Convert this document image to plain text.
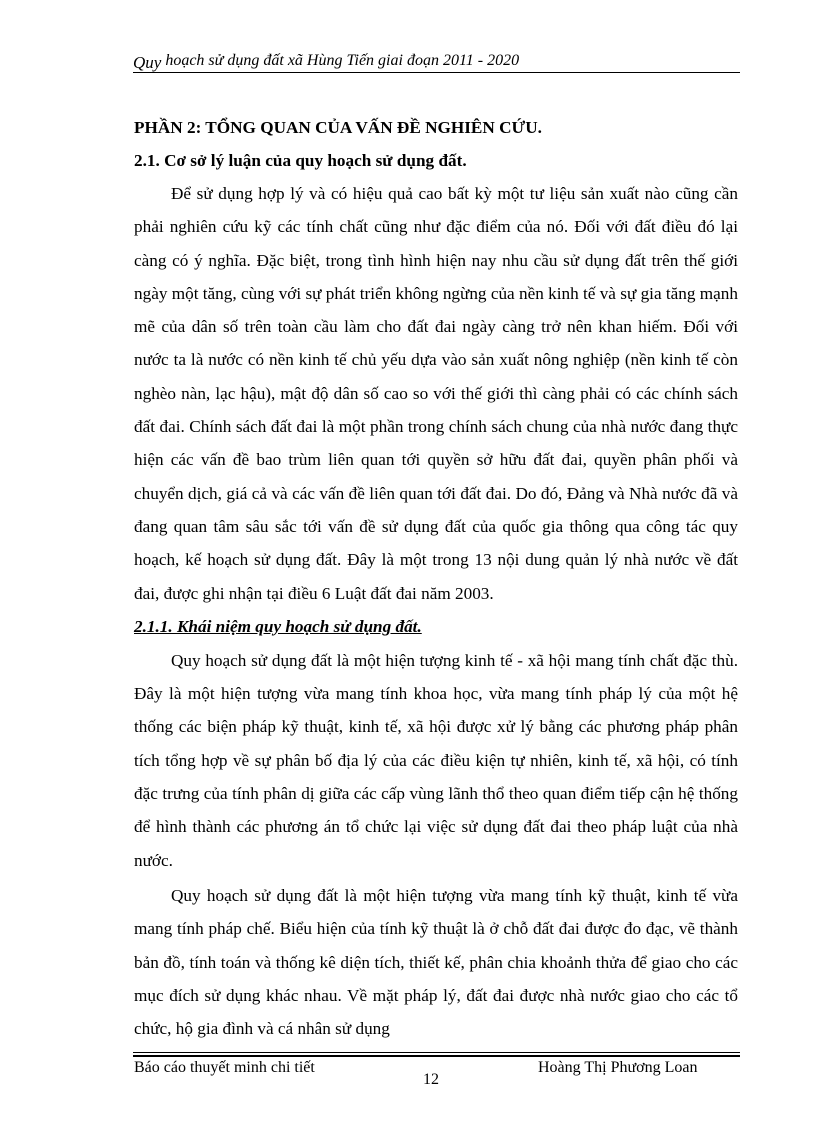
Quy hoạch sử dụng đất xã Hùng Tiến giai đoạn 2011 - 2020
PHẦN 2: TỔNG QUAN CỦA VẤN ĐỀ NGHIÊN CỨU.
2.1. Cơ sở lý luận của quy hoạch sử dụng đất.

Để sử dụng hợp lý và có hiệu quả cao bất kỳ một tư liệu sản xuất nào cũng cần phải nghiên cứu kỹ các tính chất cũng như đặc điểm của nó. Đối với đất điều đó lại càng có ý nghĩa. Đặc biệt, trong tình hình hiện nay nhu cầu sử dụng đất trên thế giới ngày một tăng, cùng với sự phát triển không ngừng của nền kinh tế và sự gia tăng mạnh mẽ của dân số trên toàn cầu làm cho đất đai ngày càng trở nên khan hiếm. Đối với nước ta là nước có nền kinh tế chủ yếu dựa vào sản xuất nông nghiệp (nền kinh tế còn nghèo nàn, lạc hậu), mật độ dân số cao so với thế giới thì càng phải có các chính sách đất đai. Chính sách đất đai là một phần trong chính sách chung của nhà nước đang thực hiện các vấn đề bao trùm liên quan tới quyền sở hữu đất đai, quyền phân phối và chuyển dịch, giá cả và các vấn đề liên quan tới đất đai. Do đó, Đảng và Nhà nước đã và đang quan tâm sâu sắc tới vấn đề sử dụng đất của quốc gia thông qua công tác quy hoạch, kế hoạch sử dụng đất. Đây là một trong 13 nội dung quản lý nhà nước về đất đai, được ghi nhận tại điều 6 Luật đất đai năm 2003.

2.1.1. Khái niệm quy hoạch sử dụng đất.

Quy hoạch sử dụng đất là một hiện tượng kinh tế - xã hội mang tính chất đặc thù. Đây là một hiện tượng vừa mang tính khoa học, vừa mang tính pháp lý của một hệ thống các biện pháp kỹ thuật, kinh tế, xã hội được xử lý bằng các phương pháp phân tích tổng hợp về sự phân bố địa lý của các điều kiện tự nhiên, kinh tế, xã hội, có tính đặc trưng của tính phân dị giữa các cấp vùng lãnh thổ theo quan điểm tiếp cận hệ thống để hình thành các phương án tổ chức lại việc sử dụng đất đai theo pháp luật của nhà nước.

Quy hoạch sử dụng đất là một hiện tượng vừa mang tính kỹ thuật, kinh tế vừa mang tính pháp chế. Biểu hiện của tính kỹ thuật là ở chỗ đất đai được đo đạc, vẽ thành bản đồ, tính toán và thống kê diện tích, thiết kế, phân chia khoảnh thửa để giao cho các mục đích sử dụng khác nhau. Về mặt pháp lý, đất đai được nhà nước giao cho các tổ chức, hộ gia đình và cá nhân sử dụng

Báo cáo thuyết minh chi tiết
12
Hoàng Thị Phương Loan
